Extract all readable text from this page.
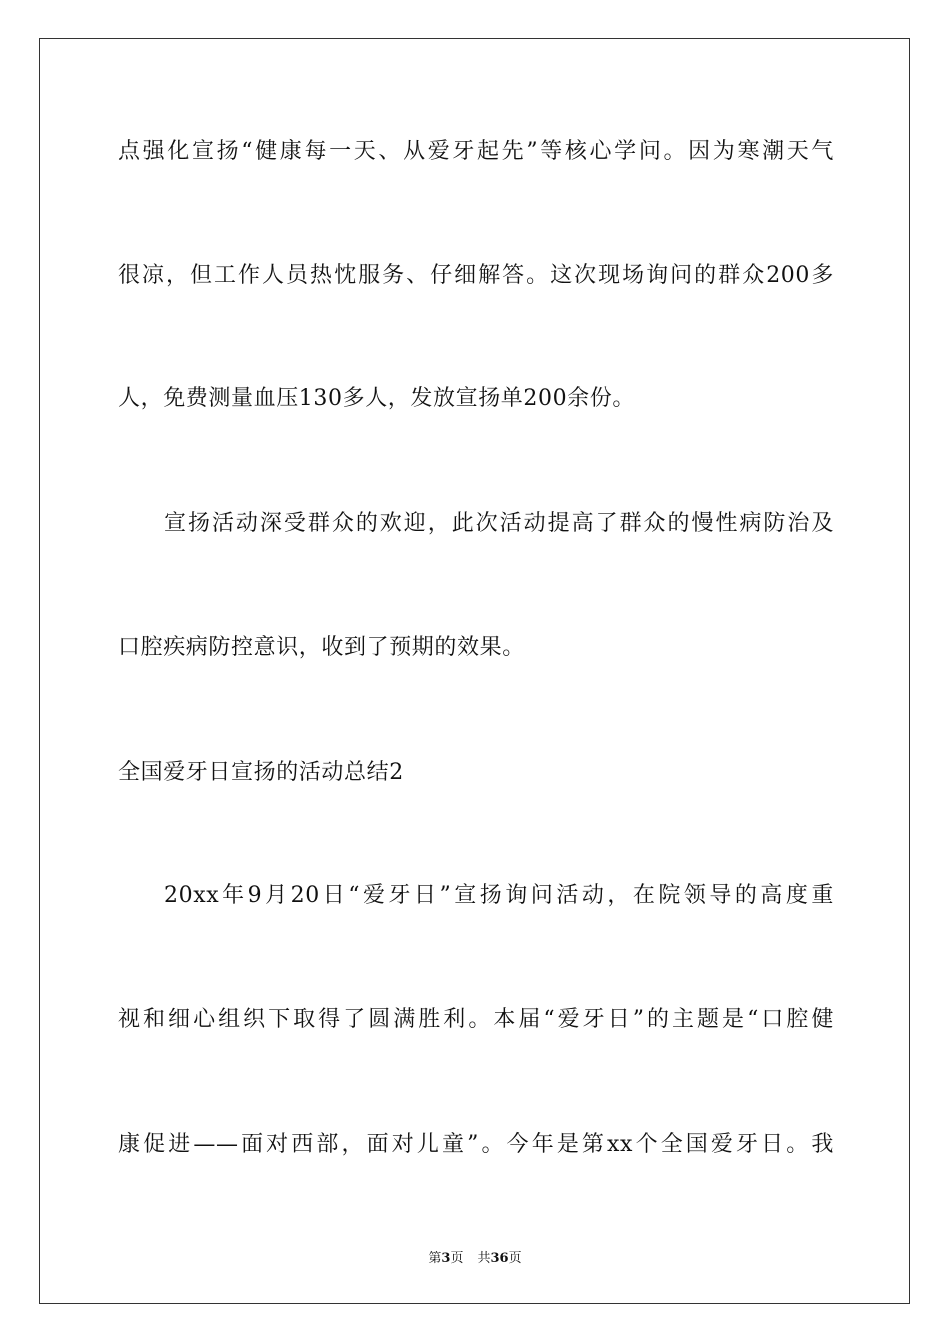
点强化宣扬“健康每一天、从爱牙起先”等核心学问。因为寒潮天气
很凉，但工作人员热忱服务、仔细解答。这次现场询问的群众200多
人，免费测量血压130多人，发放宣扬单200余份。
宣扬活动深受群众的欢迎，此次活动提高了群众的慢性病防治及
口腔疾病防控意识，收到了预期的效果。
全国爱牙日宣扬的活动总结2
20xx年9月20日“爱牙日”宣扬询问活动，在院领导的高度重
视和细心组织下取得了圆满胜利。本届“爱牙日”的主题是“口腔健
康促进——面对西部，面对儿童”。今年是第xx个全国爱牙日。我
第3页 共36页
